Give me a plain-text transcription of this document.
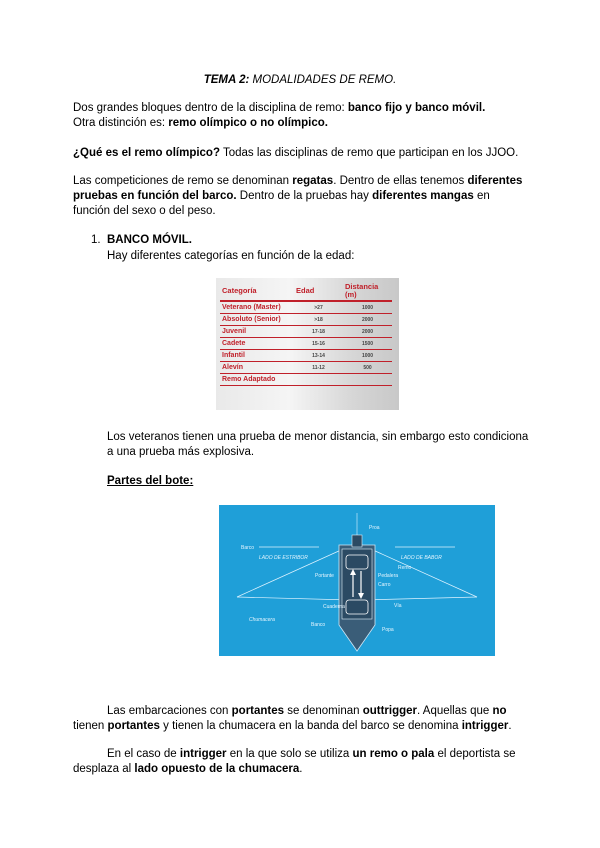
TEMA 2: MODALIDADES DE REMO.
Dos grandes bloques dentro de la disciplina de remo: banco fijo y banco móvil.
Otra distinción es: remo olímpico o no olímpico.
¿Qué es el remo olímpico? Todas las disciplinas de remo que participan en los JJOO.
Las competiciones de remo se denominan regatas. Dentro de ellas tenemos diferentes pruebas en función del barco. Dentro de la pruebas hay diferentes mangas en función del sexo o del peso.
1. BANCO MÓVIL.
Hay diferentes categorías en función de la edad:
Categoría	Edad	Distancia (m)
Veterano (Master)	>27	1000
Absoluto (Senior)	>18	2000
Juvenil	17-18	2000
Cadete	15-16	1500
Infantil	13-14	1000
Alevín	11-12	500
Remo Adaptado		
Los veteranos tienen una prueba de menor distancia, sin embargo esto condiciona a una prueba más explosiva.
Partes del bote:
Proa
Barco
LADO DE ESTRIBOR	LADO DE BABOR
Remo
Portante	Pedalera
Carro
Vía
Cuaderna
Chumacera
Banco
Popa
Las embarcaciones con portantes se denominan outtrigger. Aquellas que no tienen portantes y tienen la chumacera en la banda del barco se denomina intrigger.
En el caso de intrigger en la que solo se utiliza un remo o pala el deportista se desplaza al lado opuesto de la chumacera.
